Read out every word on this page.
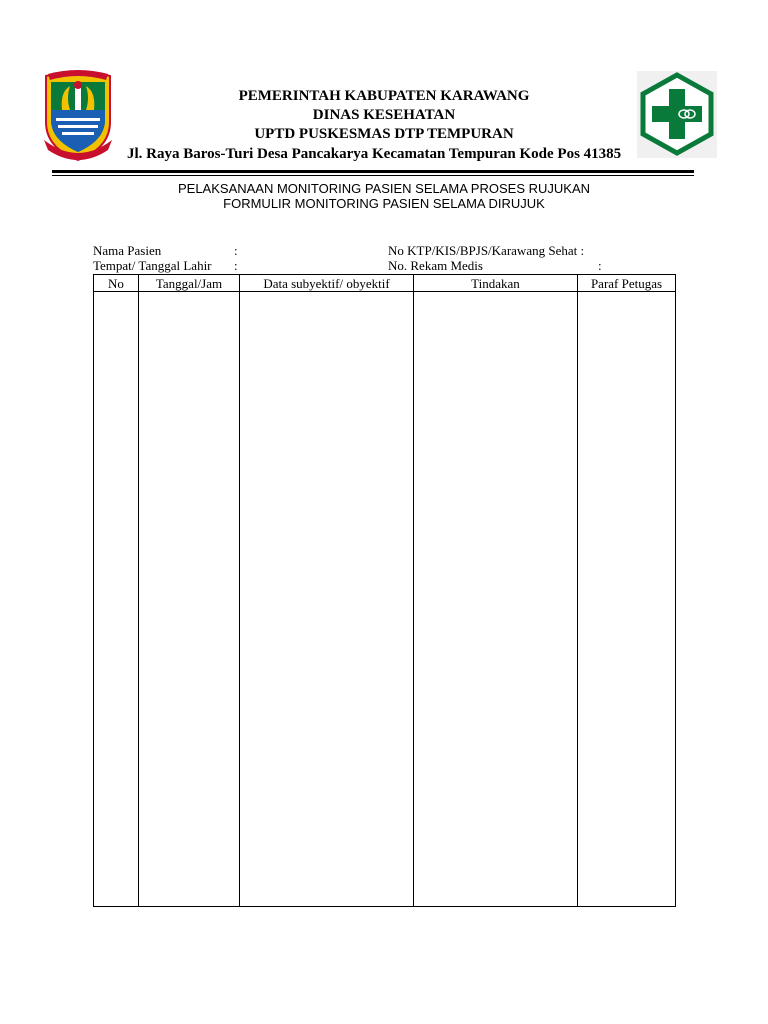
PEMERINTAH KABUPATEN KARAWANG
DINAS KESEHATAN
UPTD PUSKESMAS DTP TEMPURAN
Jl. Raya Baros-Turi Desa Pancakarya Kecamatan Tempuran Kode Pos 41385
PELAKSANAAN MONITORING PASIEN SELAMA PROSES RUJUKAN
FORMULIR MONITORING PASIEN SELAMA DIRUJUK
Nama Pasien	:
Tempat/ Tanggal Lahir :
No KTP/KIS/BPJS/Karawang Sehat :
No. Rekam Medis	:
No	Tanggal/Jam	Data subyektif/ obyektif	Tindakan	Paraf Petugas
